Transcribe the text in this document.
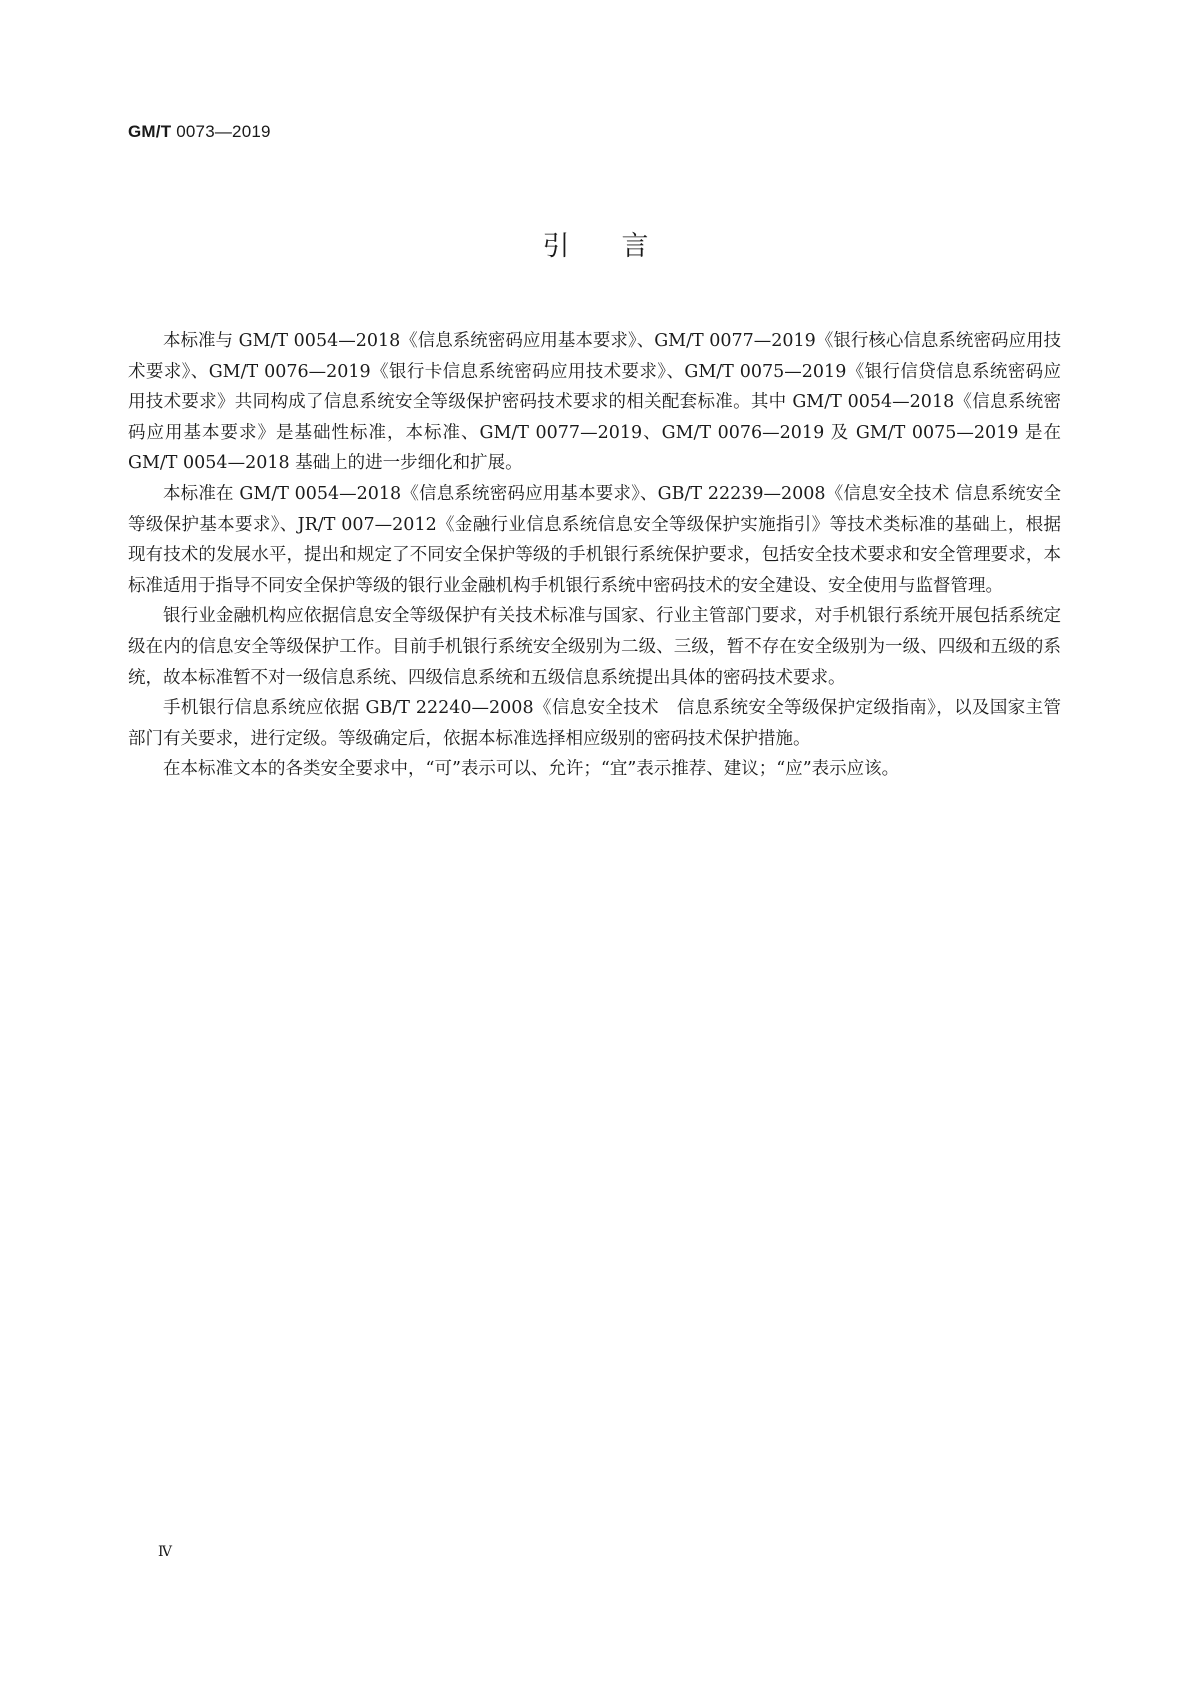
GM/T 0073—2019
引言

本标准与 GM/T 0054—2018《信息系统密码应用基本要求》、GM/T 0077—2019《银行核心信息系统密码应用技术要求》、GM/T 0076—2019《银行卡信息系统密码应用技术要求》、GM/T 0075—2019《银行信贷信息系统密码应用技术要求》共同构成了信息系统安全等级保护密码技术要求的相关配套标准。其中 GM/T 0054—2018《信息系统密码应用基本要求》是基础性标准，本标准、GM/T 0077—2019、GM/T 0076—2019 及 GM/T 0075—2019 是在 GM/T 0054—2018 基础上的进一步细化和扩展。

本标准在 GM/T 0054—2018《信息系统密码应用基本要求》、GB/T 22239—2008《信息安全技术 信息系统安全等级保护基本要求》、JR/T 007—2012《金融行业信息系统信息安全等级保护实施指引》等技术类标准的基础上，根据现有技术的发展水平，提出和规定了不同安全保护等级的手机银行系统保护要求，包括安全技术要求和安全管理要求，本标准适用于指导不同安全保护等级的银行业金融机构手机银行系统中密码技术的安全建设、安全使用与监督管理。

银行业金融机构应依据信息安全等级保护有关技术标准与国家、行业主管部门要求，对手机银行系统开展包括系统定级在内的信息安全等级保护工作。目前手机银行系统安全级别为二级、三级，暂不存在安全级别为一级、四级和五级的系统，故本标准暂不对一级信息系统、四级信息系统和五级信息系统提出具体的密码技术要求。

手机银行信息系统应依据 GB/T 22240—2008《信息安全技术　信息系统安全等级保护定级指南》，以及国家主管部门有关要求，进行定级。等级确定后，依据本标准选择相应级别的密码技术保护措施。

在本标准文本的各类安全要求中，“可”表示可以、允许；“宜”表示推荐、建议；“应”表示应该。

Ⅳ
